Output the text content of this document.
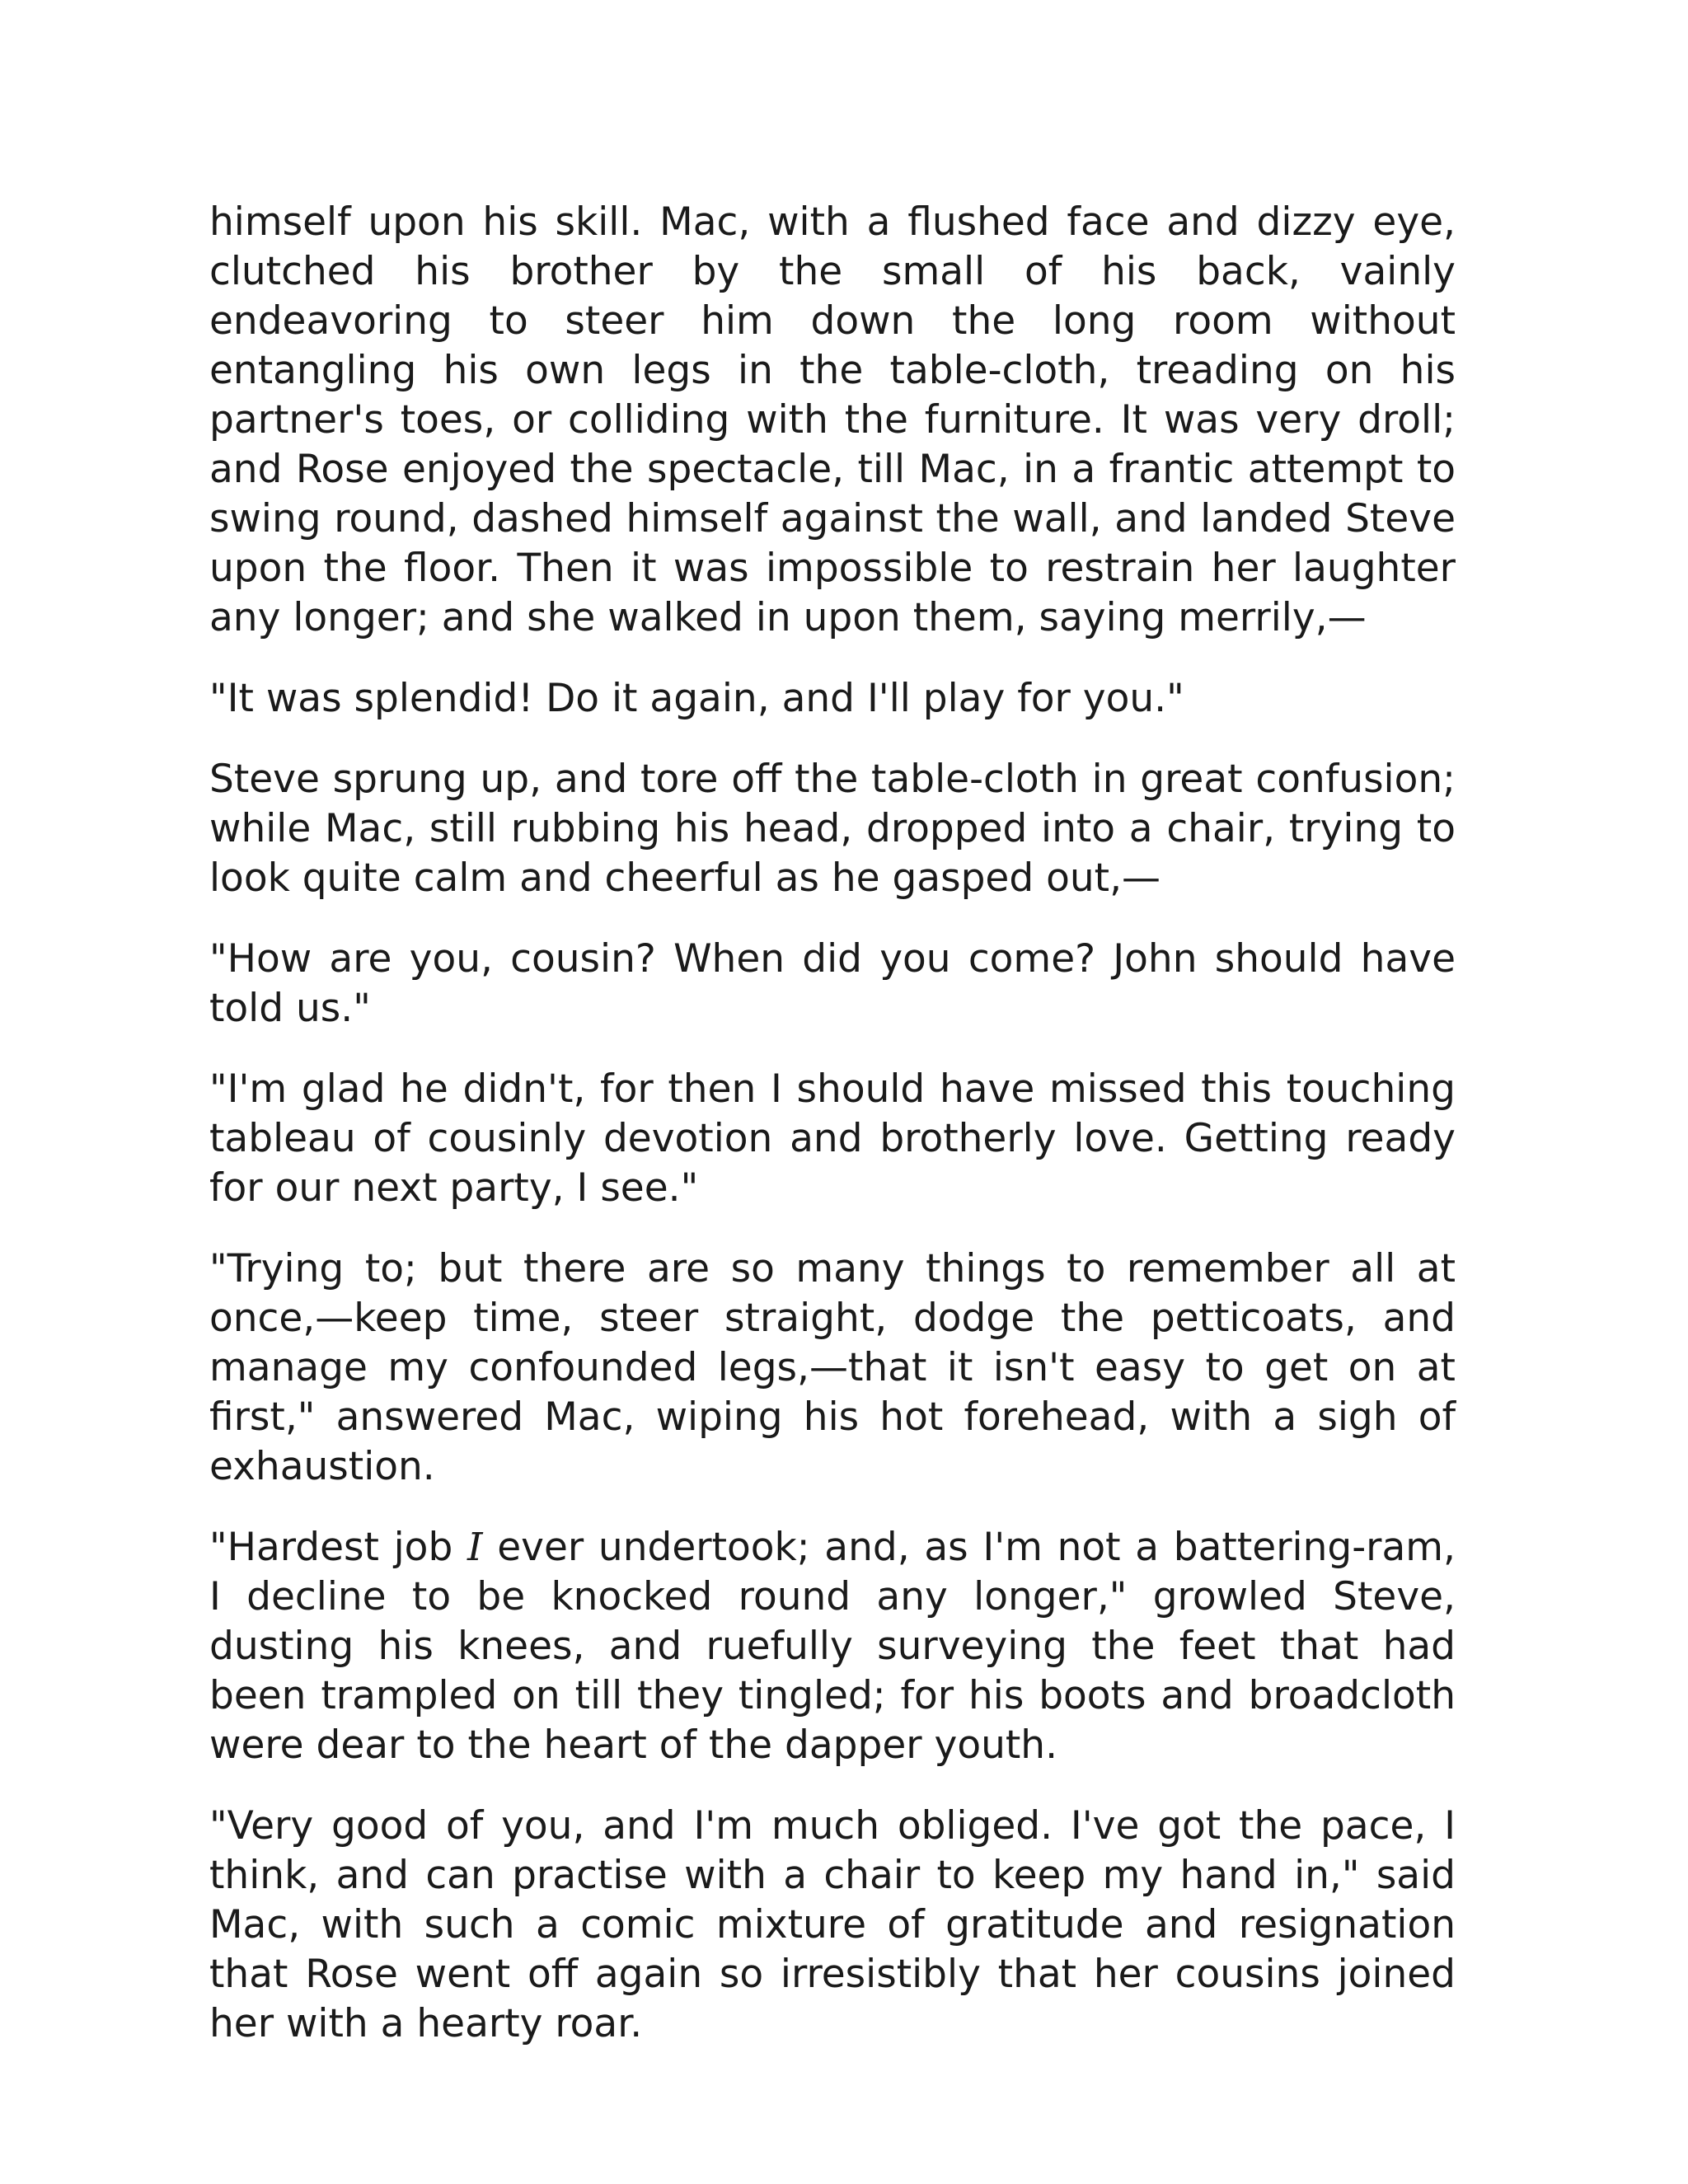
himself upon his skill. Mac, with a flushed face and dizzy eye, clutched his brother by the small of his back, vainly endeavoring to steer him down the long room without entangling his own legs in the table-cloth, treading on his partner's toes, or colliding with the furniture. It was very droll; and Rose enjoyed the spectacle, till Mac, in a frantic attempt to swing round, dashed himself against the wall, and landed Steve upon the floor. Then it was impossible to restrain her laughter any longer; and she walked in upon them, saying merrily,—

"It was splendid! Do it again, and I'll play for you."

Steve sprung up, and tore off the table-cloth in great confusion; while Mac, still rubbing his head, dropped into a chair, trying to look quite calm and cheerful as he gasped out,—

"How are you, cousin? When did you come? John should have told us."

"I'm glad he didn't, for then I should have missed this touching tableau of cousinly devotion and brotherly love. Getting ready for our next party, I see."

"Trying to; but there are so many things to remember all at once,—keep time, steer straight, dodge the petticoats, and manage my confounded legs,—that it isn't easy to get on at first," answered Mac, wiping his hot forehead, with a sigh of exhaustion.

"Hardest job I ever undertook; and, as I'm not a battering-ram, I decline to be knocked round any longer," growled Steve, dusting his knees, and ruefully surveying the feet that had been trampled on till they tingled; for his boots and broadcloth were dear to the heart of the dapper youth.

"Very good of you, and I'm much obliged. I've got the pace, I think, and can practise with a chair to keep my hand in," said Mac, with such a comic mixture of gratitude and resignation that Rose went off again so irresistibly that her cousins joined her with a hearty roar.
